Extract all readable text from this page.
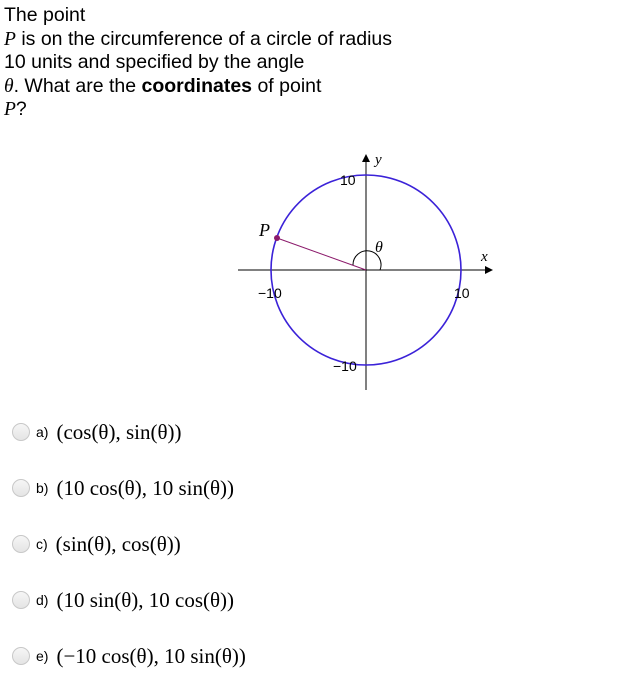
The point
P is on the circumference of a circle of radius
10 units and specified by the angle
θ. What are the coordinates of point
P?
P
θ
y
x
10
−10
−10	10
a) (cos(θ), sin(θ))
b) (10 cos(θ), 10 sin(θ))
c) (sin(θ), cos(θ))
d) (10 sin(θ), 10 cos(θ))
e) (−10 cos(θ), 10 sin(θ))
